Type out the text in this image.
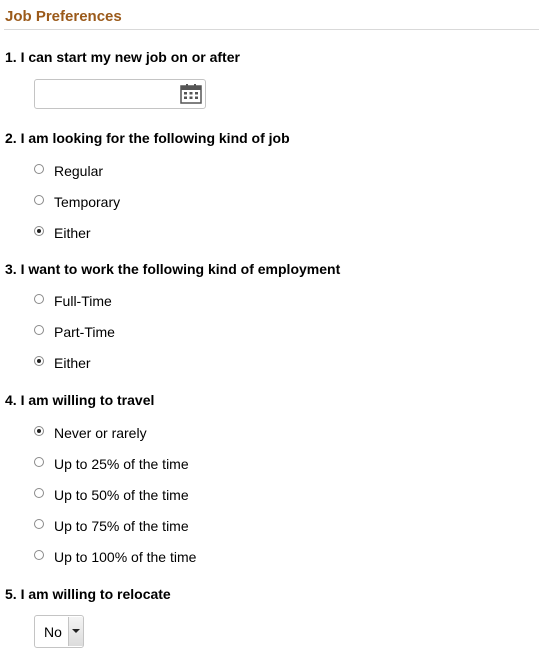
Job Preferences
1. I can start my new job on or after
2. I am looking for the following kind of job
Regular
Temporary
Either
3. I want to work the following kind of employment
Full-Time
Part-Time
Either
4. I am willing to travel
Never or rarely
Up to 25% of the time
Up to 50% of the time
Up to 75% of the time
Up to 100% of the time
5. I am willing to relocate
No
